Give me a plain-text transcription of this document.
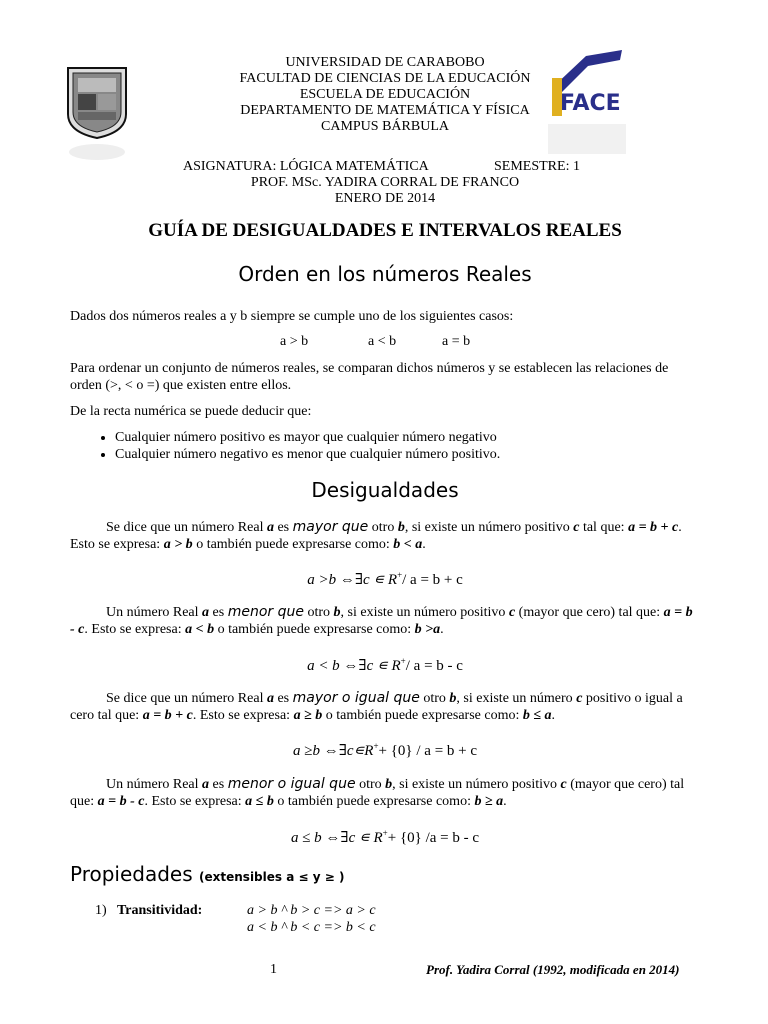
FACE
UNIVERSIDAD DE CARABOBO
FACULTAD DE CIENCIAS DE LA EDUCACIÓN
ESCUELA DE EDUCACIÓN
DEPARTAMENTO DE MATEMÁTICA Y FÍSICA
CAMPUS BÁRBULA
ASIGNATURA: LÓGICA MATEMÁTICA	SEMESTRE: 1
PROF. MSc. YADIRA CORRAL DE FRANCO
ENERO DE 2014
GUÍA DE DESIGUALDADES E INTERVALOS REALES
Orden en los números Reales
Dados dos números reales a y b siempre se cumple uno de los siguientes casos:
a > b	a < b	a = b
Para ordenar un conjunto de números reales, se comparan dichos números y se establecen las relaciones de orden (>, < o =) que existen entre ellos.
De la recta numérica se puede deducir que:
• Cualquier número positivo es mayor que cualquier número negativo
• Cualquier número negativo es menor que cualquier número positivo.
Desigualdades
Se dice que un número Real a es mayor que otro b, si existe un número positivo c tal que: a = b + c. Esto se expresa: a > b o también puede expresarse como: b < a.
a >b ⇔∃c ∊ R+/ a = b + c
Un número Real a es menor que otro b, si existe un número positivo c (mayor que cero) tal que: a = b - c. Esto se expresa: a < b o también puede expresarse como: b >a.
a < b ⇔∃c ∊ R+/ a = b - c
Se dice que un número Real a es mayor o igual que otro b, si existe un número c positivo o igual a cero tal que: a = b + c. Esto se expresa: a ≥ b o también puede expresarse como: b ≤ a.
a ≥b ⇔∃c∊R++ {0} / a = b + c
Un número Real a es menor o igual que otro b, si existe un número positivo c (mayor que cero) tal que: a = b - c. Esto se expresa: a ≤ b o también puede expresarse como: b ≥ a.
a ≤ b ⇔∃c ∊ R++ {0} /a = b - c
Propiedades (extensibles a ≤ y ≥ )
1) Transitividad:	a > b ^ b > c => a > c
a < b ^ b < c => b < c
1	Prof. Yadira Corral (1992, modificada en 2014)
